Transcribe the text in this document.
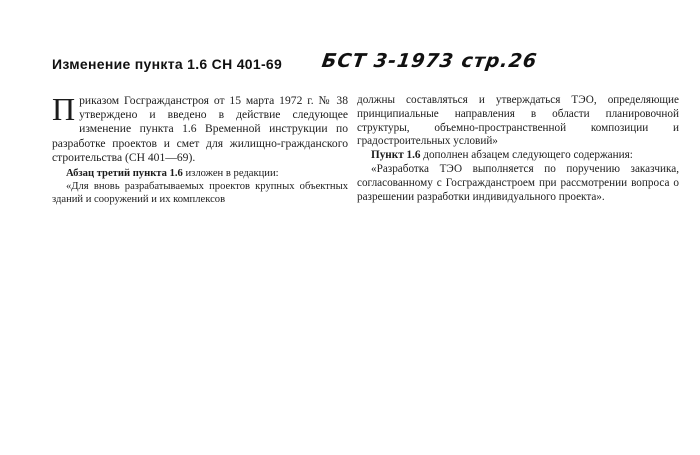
Изменение пункта 1.6 СН 401-69 БСТ 3-1973 стр.26

Приказом Госгражданстроя от 15 марта 1972 г. № 38 утверждено и введено в действие следующее изменение пункта 1.6 Временной инструкции по разработке проектов и смет для жилищно-гражданского строительства (СН 401—69).

Абзац третий пункта 1.6 изложен в редакции:

«Для вновь разрабатываемых проектов крупных объектных зданий и сооружений и их комплексов

должны составляться и утверждаться ТЭО, определяющие принципиальные направления в области планировочной структуры, объемно-пространственной композиции и градостроительных условий»

Пункт 1.6 дополнен абзацем следующего содержания:

«Разработка ТЭО выполняется по поручению заказчика, согласованному с Госгражданстроем при рассмотрении вопроса о разрешении разработки индивидуального проекта».
